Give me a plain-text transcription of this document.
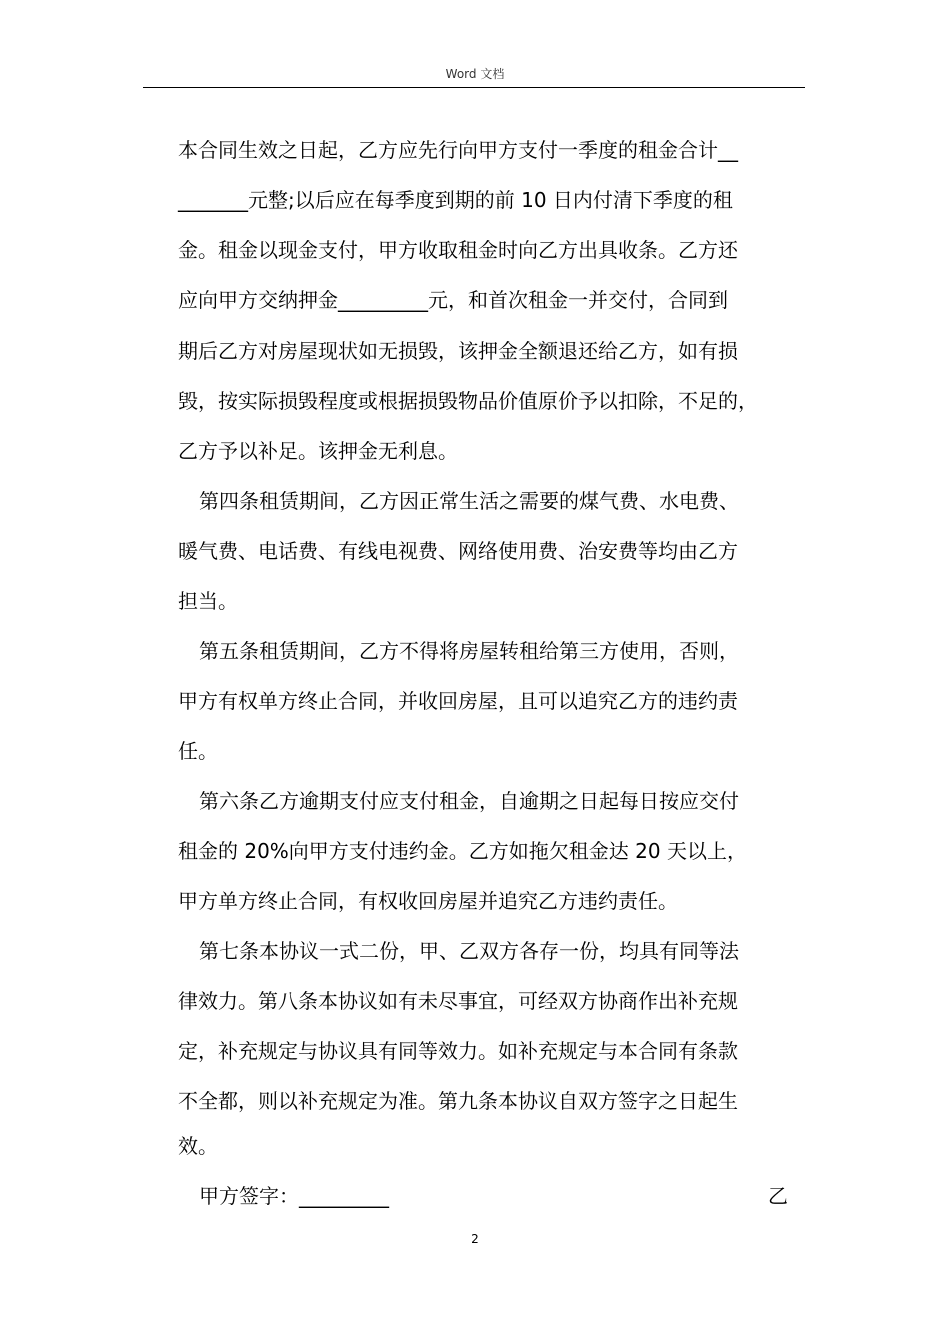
Word 文档
本合同生效之日起，乙方应先行向甲方支付一季度的租金合计__
_______元整;以后应在每季度到期的前 10 日内付清下季度的租
金。租金以现金支付，甲方收取租金时向乙方出具收条。乙方还
应向甲方交纳押金_________元，和首次租金一并交付，合同到
期后乙方对房屋现状如无损毁，该押金全额退还给乙方，如有损
毁，按实际损毁程度或根据损毁物品价值原价予以扣除，不足的，
乙方予以补足。该押金无利息。
第四条租赁期间，乙方因正常生活之需要的煤气费、水电费、
暖气费、电话费、有线电视费、网络使用费、治安费等均由乙方
担当。
第五条租赁期间，乙方不得将房屋转租给第三方使用，否则，
甲方有权单方终止合同，并收回房屋，且可以追究乙方的违约责
任。
第六条乙方逾期支付应支付租金，自逾期之日起每日按应交付
租金的 20%向甲方支付违约金。乙方如拖欠租金达 20 天以上，
甲方单方终止合同，有权收回房屋并追究乙方违约责任。
第七条本协议一式二份，甲、乙双方各存一份，均具有同等法
律效力。第八条本协议如有未尽事宜，可经双方协商作出补充规
定，补充规定与协议具有同等效力。如补充规定与本合同有条款
不全都，则以补充规定为准。第九条本协议自双方签字之日起生
效。
甲方签字：_________	乙
2
